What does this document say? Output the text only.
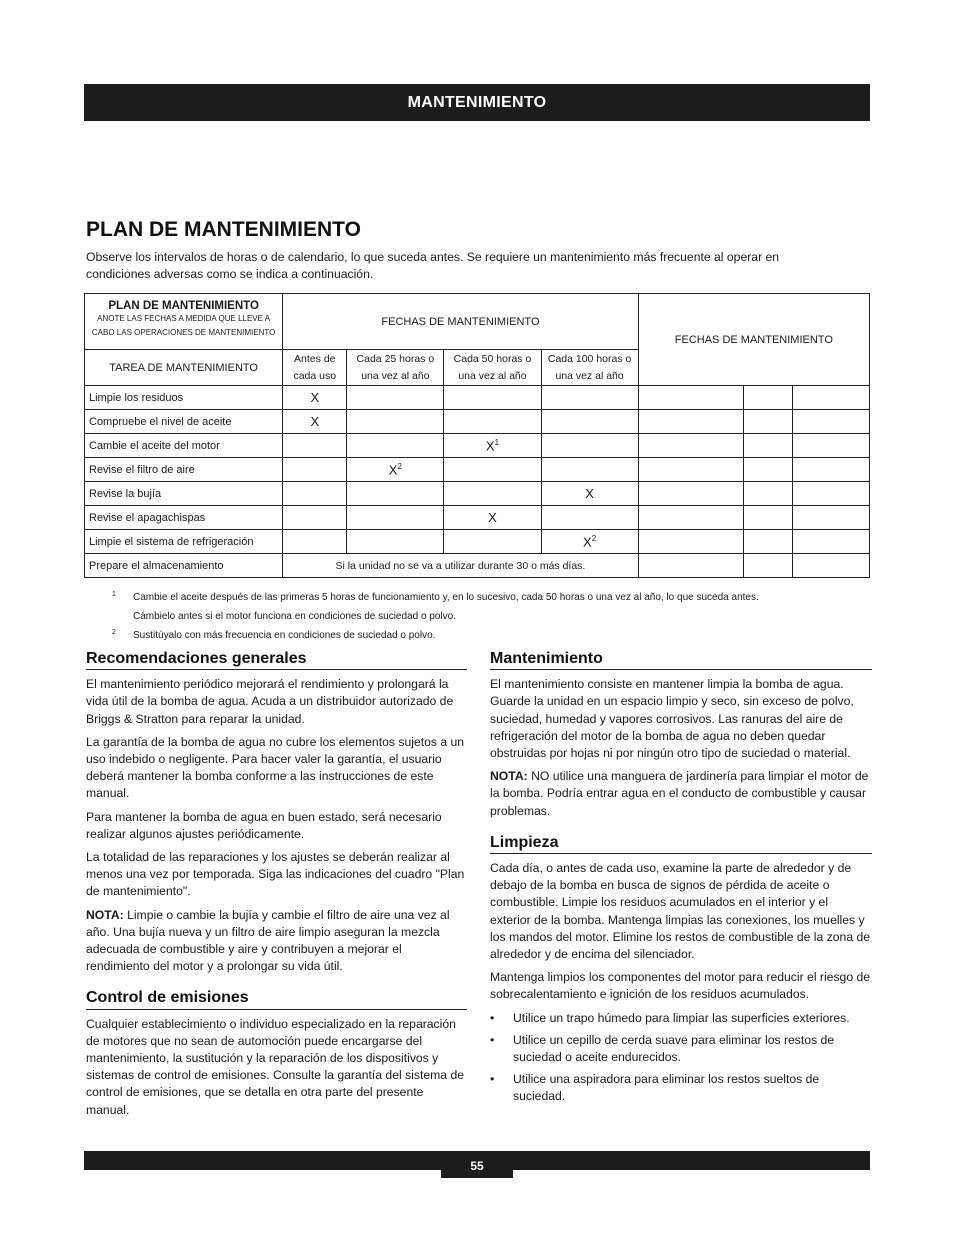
MANTENIMIENTO
PLAN DE MANTENIMIENTO

Observe los intervalos de horas o de calendario, lo que suceda antes. Se requiere un mantenimiento más frecuente al operar en condiciones adversas como se indica a continuación.

PLAN DE MANTENIMIENTO
ANOTE LAS FECHAS A MEDIDA QUE LLEVE A CABO LAS OPERACIONES DE MANTENIMIENTO	FECHAS DE MANTENIMIENTO				FECHAS DE MANTENIMIENTO		
TAREA DE MANTENIMIENTO	Antes de cada uso	Cada 25 horas o una vez al año	Cada 50 horas o una vez al año	Cada 100 horas o una vez al año			
Limpie los residuos	X						
Compruebe el nivel de aceite	X						
Cambie el aceite del motor			$X^1$				
Revise el filtro de aire		$X^2$					
Revise la bujía				X			
Revise el apagachispas			X				
Limpie el sistema de refrigeración				$X^2$			
Prepare el almacenamiento	Si la unidad no se va a utilizar durante 30 o más días.						
1 Cambie el aceite después de las primeras 5 horas de funcionamiento y, en lo sucesivo, cada 50 horas o una vez al año, lo que suceda antes.
Cámbielo antes si el motor funciona en condiciones de suciedad o polvo.
2 Sustitúyalo con más frecuencia en condiciones de suciedad o polvo.
Recomendaciones generales

El mantenimiento periódico mejorará el rendimiento y prolongará la vida útil de la bomba de agua. Acuda a un distribuidor autorizado de Briggs & Stratton para reparar la unidad.

La garantía de la bomba de agua no cubre los elementos sujetos a un uso indebido o negligente. Para hacer valer la garantía, el usuario deberá mantener la bomba conforme a las instrucciones de este manual.

Para mantener la bomba de agua en buen estado, será necesario realizar algunos ajustes periódicamente.

La totalidad de las reparaciones y los ajustes se deberán realizar al menos una vez por temporada. Siga las indicaciones del cuadro "Plan de mantenimiento".

NOTA: Limpie o cambie la bujía y cambie el filtro de aire una vez al año. Una bujía nueva y un filtro de aire limpio aseguran la mezcla adecuada de combustible y aire y contribuyen a mejorar el rendimiento del motor y a prolongar su vida útil.

Control de emisiones

Cualquier establecimiento o individuo especializado en la reparación de motores que no sean de automoción puede encargarse del mantenimiento, la sustitución y la reparación de los dispositivos y sistemas de control de emisiones. Consulte la garantía del sistema de control de emisiones, que se detalla en otra parte del presente manual.

Mantenimiento

El mantenimiento consiste en mantener limpia la bomba de agua. Guarde la unidad en un espacio limpio y seco, sin exceso de polvo, suciedad, humedad y vapores corrosivos. Las ranuras del aire de refrigeración del motor de la bomba de agua no deben quedar obstruidas por hojas ni por ningún otro tipo de suciedad o material.

NOTA: NO utilice una manguera de jardinería para limpiar el motor de la bomba. Podría entrar agua en el conducto de combustible y causar problemas.

Limpieza

Cada día, o antes de cada uso, examine la parte de alrededor y de debajo de la bomba en busca de signos de pérdida de aceite o combustible. Limpie los residuos acumulados en el interior y el exterior de la bomba. Mantenga limpias las conexiones, los muelles y los mandos del motor. Elimine los restos de combustible de la zona de alrededor y de encima del silenciador.

Mantenga limpios los componentes del motor para reducir el riesgo de sobrecalentamiento e ignición de los residuos acumulados.

• Utilice un trapo húmedo para limpiar las superficies exteriores.
• Utilice un cepillo de cerda suave para eliminar los restos de suciedad o aceite endurecidos.
• Utilice una aspiradora para eliminar los restos sueltos de suciedad.
55
